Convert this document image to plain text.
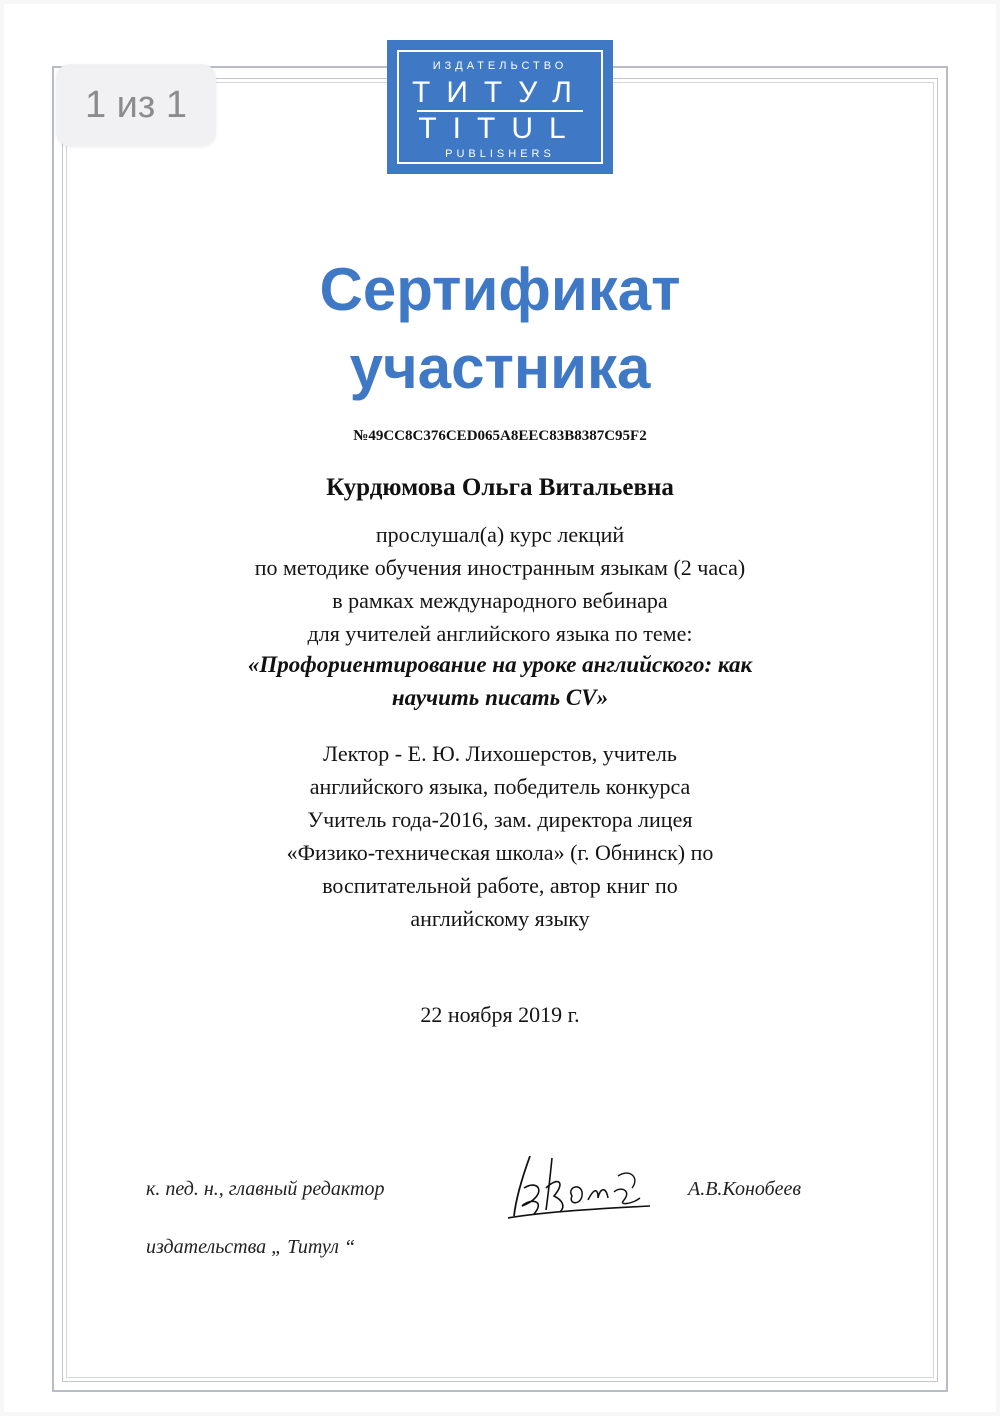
ИЗДАТЕЛЬСТВО
ТИТУЛ
TITUL
PUBLISHERS
1 из 1
Сертификат
участника
№49CC8C376CED065A8EEC83B8387C95F2
Курдюмова Ольга Витальевна
прослушал(а) курс лекций
по методике обучения иностранным языкам (2 часа)
в рамках международного вебинара
для учителей английского языка по теме:
«Профориентирование на уроке английского: как
научить писать CV»
Лектор - Е. Ю. Лихошерстов, учитель
английского языка, победитель конкурса
Учитель года-2016, зам. директора лицея
«Физико-техническая школа» (г. Обнинск) по
воспитательной работе, автор книг по
английскому языку
22 ноября 2019 г.
к. пед. н., главный редактор
издательства „ Титул “
А.В.Конобеев
